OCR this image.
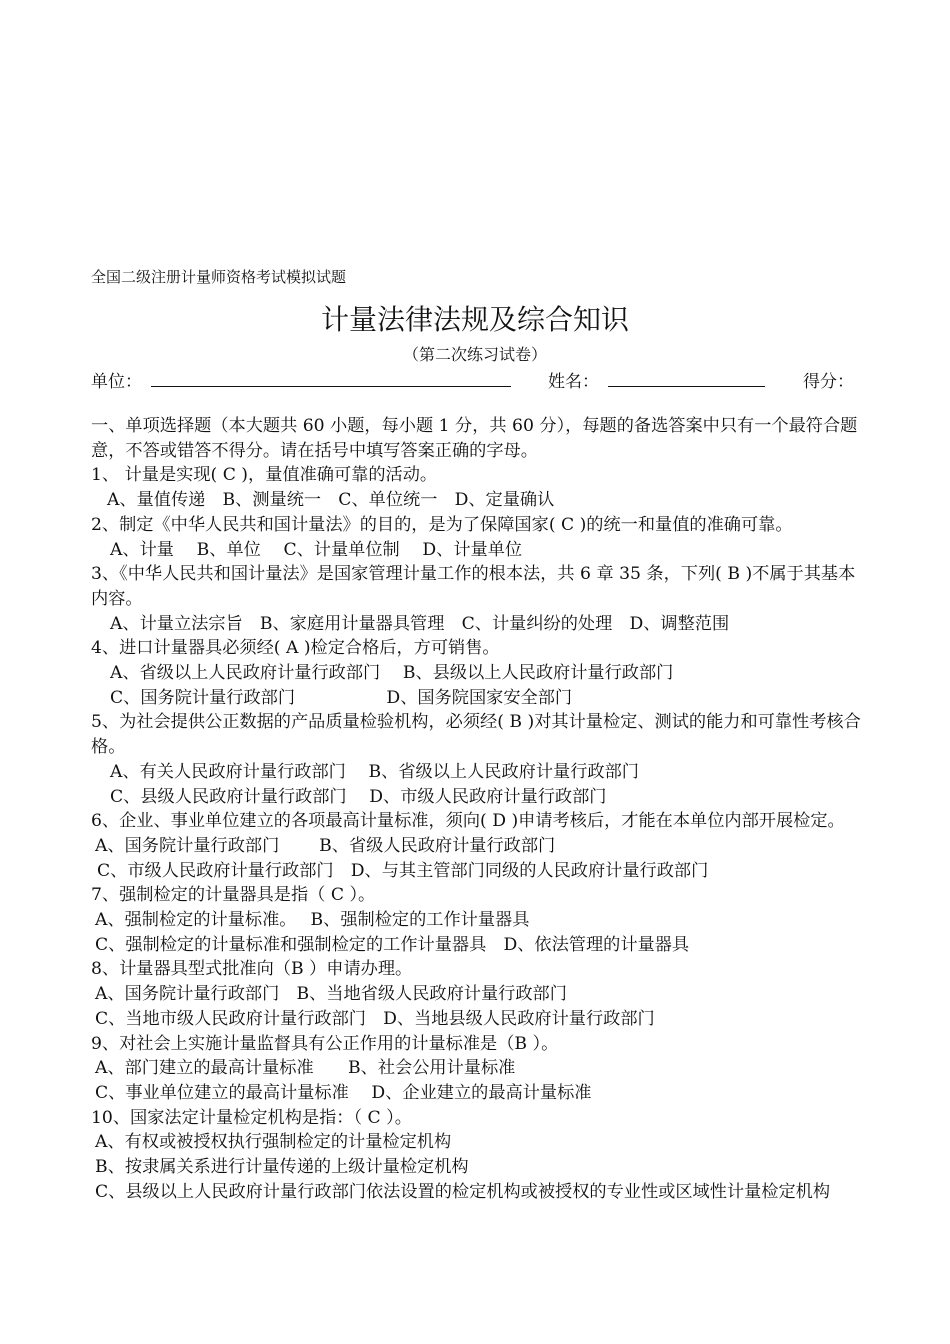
全国二级注册计量师资格考试模拟试题
计量法律法规及综合知识
（第二次练习试卷）
单位：	姓名：	得分：
一、单项选择题（本大题共 60 小题，每小题 1 分，共 60 分），每题的备选答案中只有一个最符合题意，不答或错答不得分。请在括号中填写答案正确的字母。
1、 计量是实现( C )，量值准确可靠的活动。
A、量值传递　B、测量统一　C、单位统一　D、定量确认
2、制定《中华人民共和国计量法》的目的，是为了保障国家( C )的统一和量值的准确可靠。
A、计量　 B、单位　 C、计量单位制　 D、计量单位
3、《中华人民共和国计量法》是国家管理计量工作的根本法，共 6 章 35 条，下列( B )不属于其基本内容。
A、计量立法宗旨　B、家庭用计量器具管理　C、计量纠纷的处理　D、调整范围
4、进口计量器具必须经( A )检定合格后，方可销售。
A、省级以上人民政府计量行政部门　 B、县级以上人民政府计量行政部门
C、国务院计量行政部门　　　　　 D、国务院国家安全部门
5、为社会提供公正数据的产品质量检验机构，必须经( B )对其计量检定、测试的能力和可靠性考核合格。
A、有关人民政府计量行政部门　 B、省级以上人民政府计量行政部门
C、县级人民政府计量行政部门　 D、市级人民政府计量行政部门
6、企业、事业单位建立的各项最高计量标准，须向( D )申请考核后，才能在本单位内部开展检定。
A、国务院计量行政部门　　 B、省级人民政府计量行政部门
C、市级人民政府计量行政部门　D、与其主管部门同级的人民政府计量行政部门
7、强制检定的计量器具是指（ C ）。
A、强制检定的计量标准。　 B、强制检定的工作计量器具
C、强制检定的计量标准和强制检定的工作计量器具　D、依法管理的计量器具
8、计量器具型式批准向（B ）申请办理。
A、国务院计量行政部门　B、当地省级人民政府计量行政部门
C、当地市级人民政府计量行政部门　D、当地县级人民政府计量行政部门
9、对社会上实施计量监督具有公正作用的计量标准是（B ）。
A、部门建立的最高计量标准　　B、社会公用计量标准
C、事业单位建立的最高计量标准　 D、企业建立的最高计量标准
10、国家法定计量检定机构是指：（ C ）。
A、有权或被授权执行强制检定的计量检定机构
B、按隶属关系进行计量传递的上级计量检定机构
C、县级以上人民政府计量行政部门依法设置的检定机构或被授权的专业性或区域性计量检定机构
